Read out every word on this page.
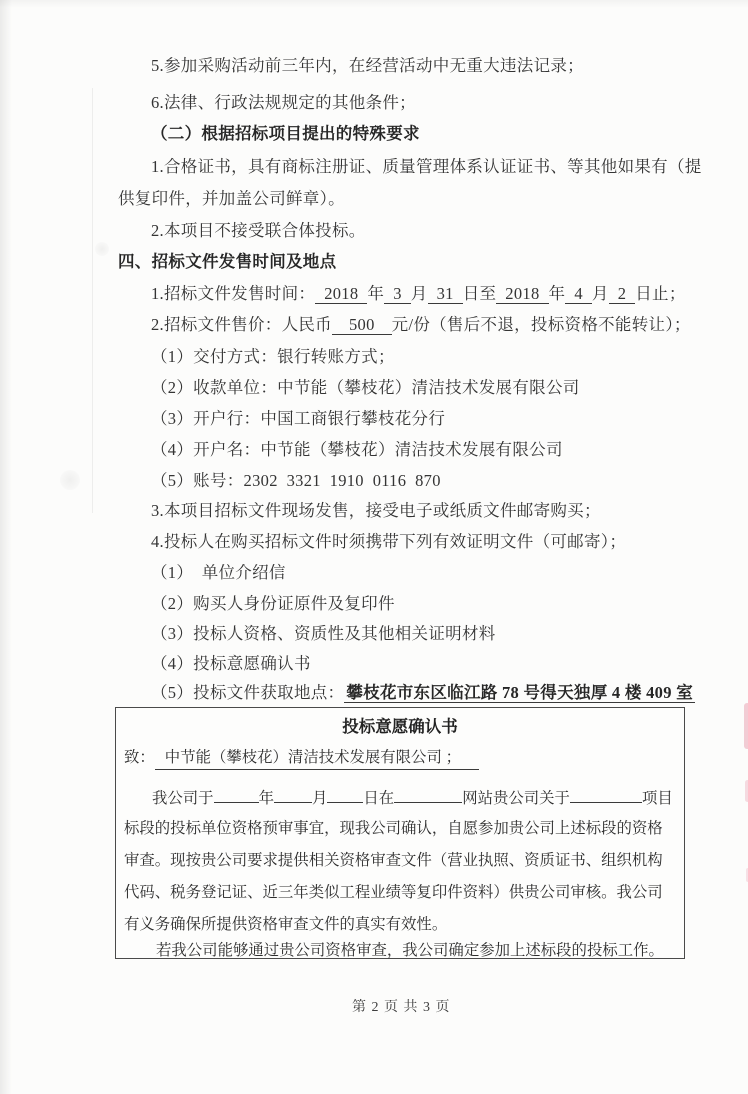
5.参加采购活动前三年内，在经营活动中无重大违法记录；
6.法律、行政法规规定的其他条件；
（二）根据招标项目提出的特殊要求
1.合格证书，具有商标注册证、质量管理体系认证证书、等其他如果有（提
供复印件，并加盖公司鲜章）。
2.本项目不接受联合体投标。
四、招标文件发售时间及地点
1.招标文件发售时间： 2018 年 3 月 31 日至 2018 年 4 月 2 日止；
2.招标文件售价：人民币 500 元/份（售后不退，投标资格不能转让）；
（1）交付方式：银行转账方式；
（2）收款单位：中节能（攀枝花）清洁技术发展有限公司
（3）开户行：中国工商银行攀枝花分行
（4）开户名：中节能（攀枝花）清洁技术发展有限公司
（5）账号：2302  3321  1910  0116  870
3.本项目招标文件现场发售，接受电子或纸质文件邮寄购买；
4.投标人在购买招标文件时须携带下列有效证明文件（可邮寄）；
（1）　单位介绍信
（2）购买人身份证原件及复印件
（3）投标人资格、资质性及其他相关证明材料
（4）投标意愿确认书
（5）投标文件获取地点： 攀枝花市东区临江路 78 号得天独厚 4 楼 409 室
投标意愿确认书
致： 中节能（攀枝花）清洁技术发展有限公司 ；
我公司于	年 月 日在	网站贵公司关于	项目
标段的投标单位资格预审事宜，现我公司确认，自愿参加贵公司上述标段的资格
审查。现按贵公司要求提供相关资格审查文件（营业执照、资质证书、组织机构
代码、税务登记证、近三年类似工程业绩等复印件资料）供贵公司审核。我公司
有义务确保所提供资格审查文件的真实有效性。
若我公司能够通过贵公司资格审查，我公司确定参加上述标段的投标工作。
第 2 页 共 3 页
